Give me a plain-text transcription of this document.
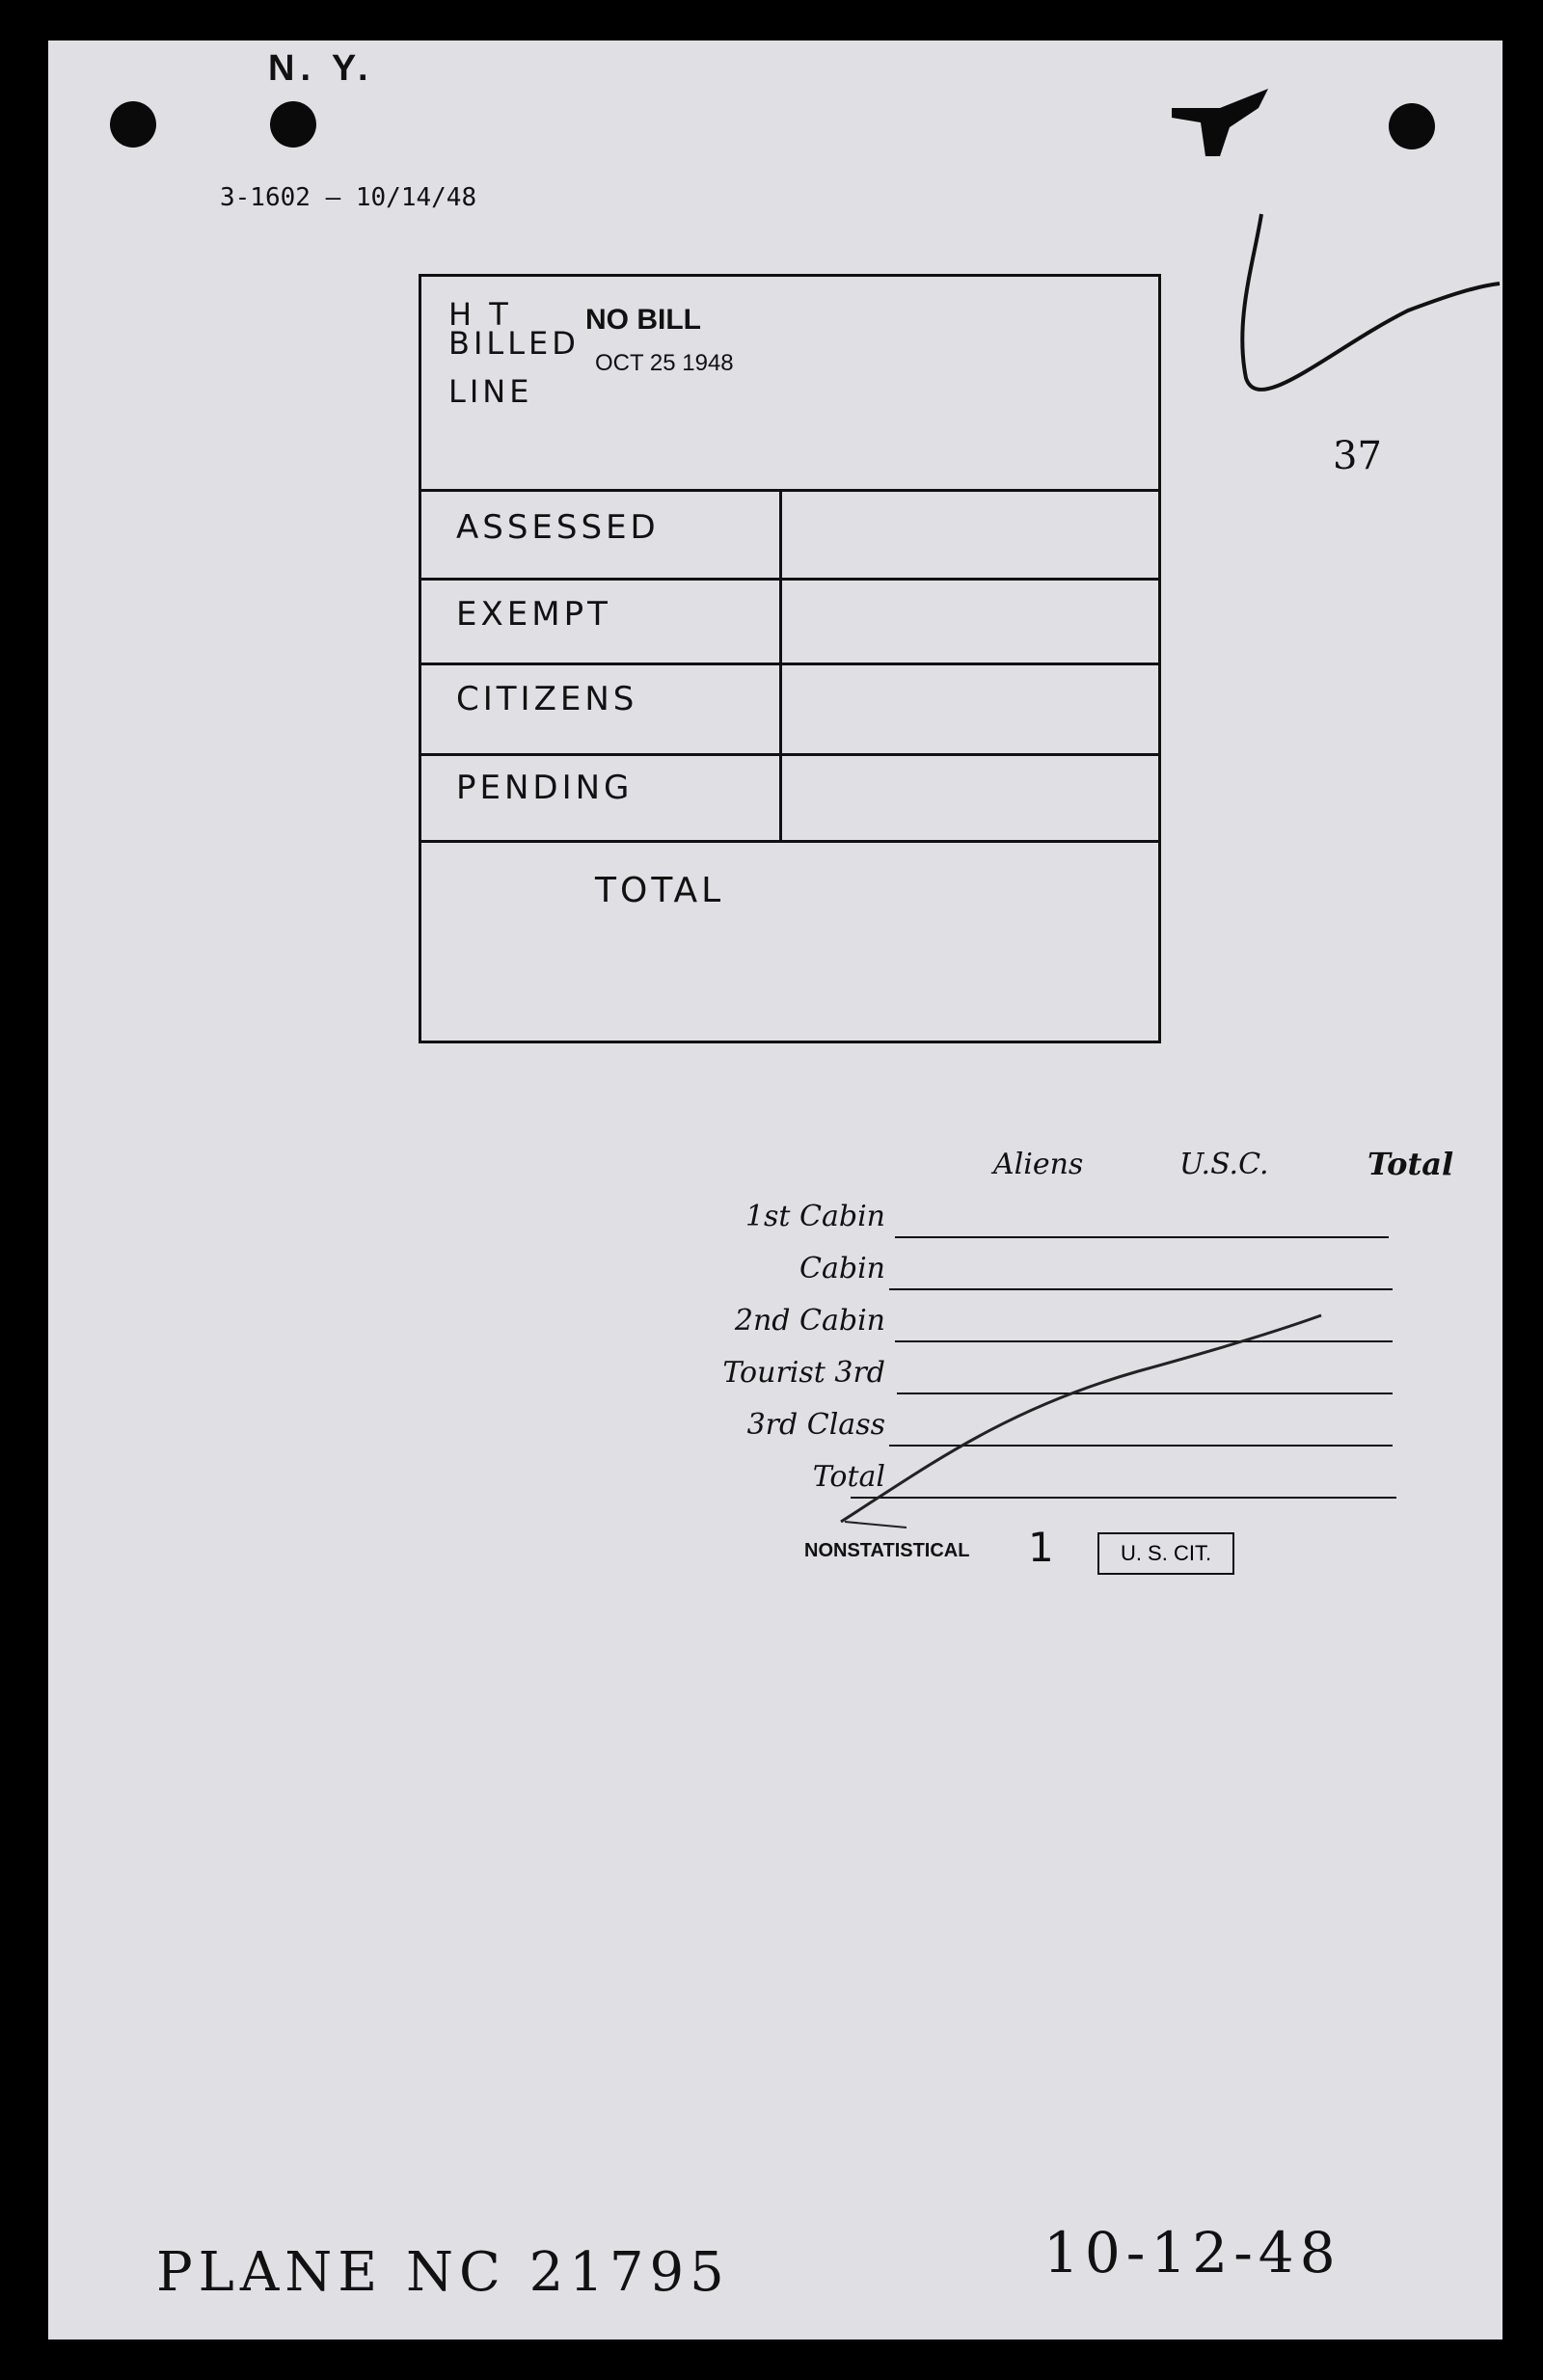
N. Y.
3-1602 — 10/14/48
37
H T
BILLED
LINE
NO BILL
OCT 25 1948
ASSESSED
EXEMPT
CITIZENS
PENDING
TOTAL
Aliens	U.S.C.	Total
1st Cabin
Cabin
2nd Cabin
Tourist 3rd
3rd Class
Total
NONSTATISTICAL 1	U. S. CIT.
PLANE NC 21795	10-12-48
